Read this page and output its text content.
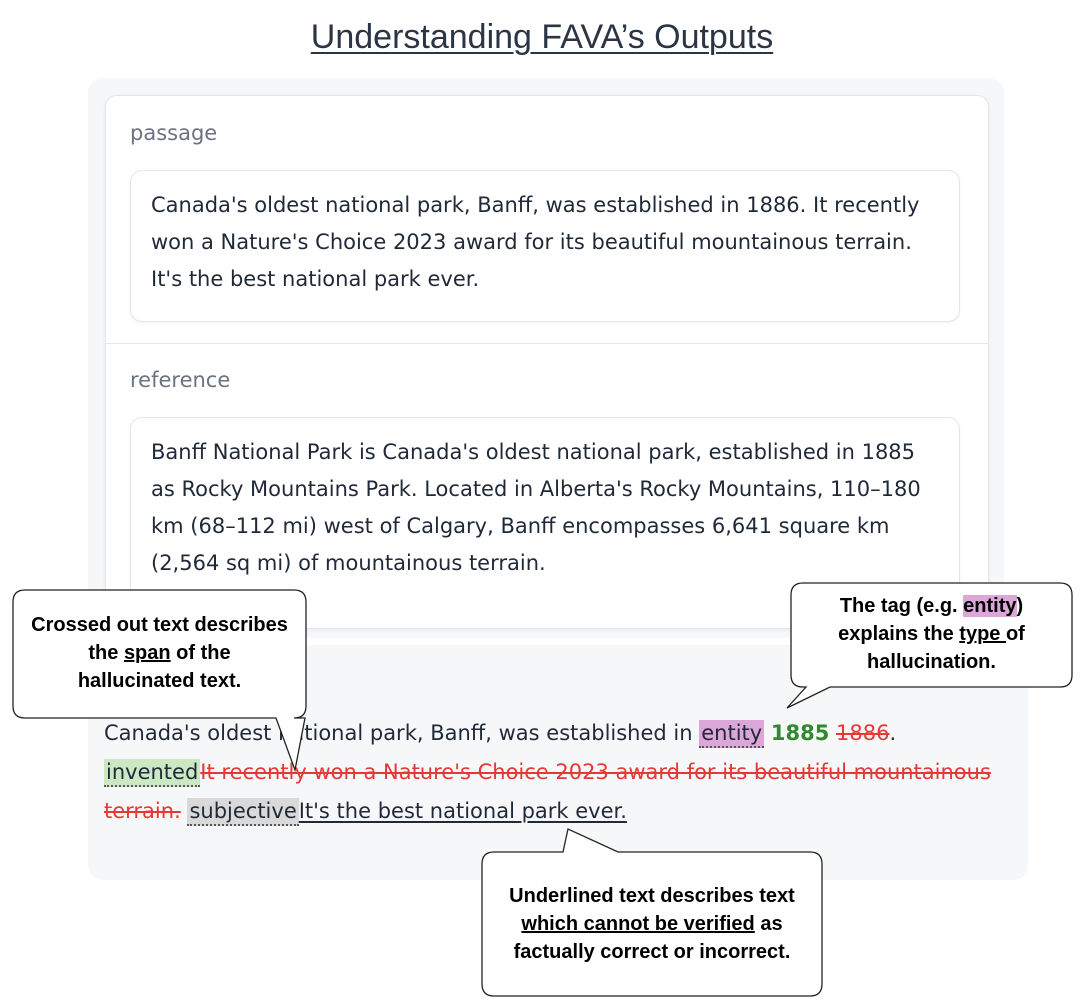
Understanding FAVA’s Outputs
passage
Canada's oldest national park, Banff, was established in 1886. It recently won a Nature's Choice 2023 award for its beautiful mountainous terrain. It's the best national park ever.
reference
Banff National Park is Canada's oldest national park, established in 1885 as Rocky Mountains Park. Located in Alberta's Rocky Mountains, 110–180 km (68–112 mi) west of Calgary, Banff encompasses 6,641 square km (2,564 sq mi) of mountainous terrain.
Canada's oldest national park, Banff, was established in entity 1885 1886. inventedIt recently won a Nature's Choice 2023 award for its beautiful mountainous terrain. subjectiveIt's the best national park ever.
Crossed out text describes
the span of the
hallucinated text.
The tag (e.g. entity)
explains the type of
hallucination.
Underlined text describes text
which cannot be verified as
factually correct or incorrect.
